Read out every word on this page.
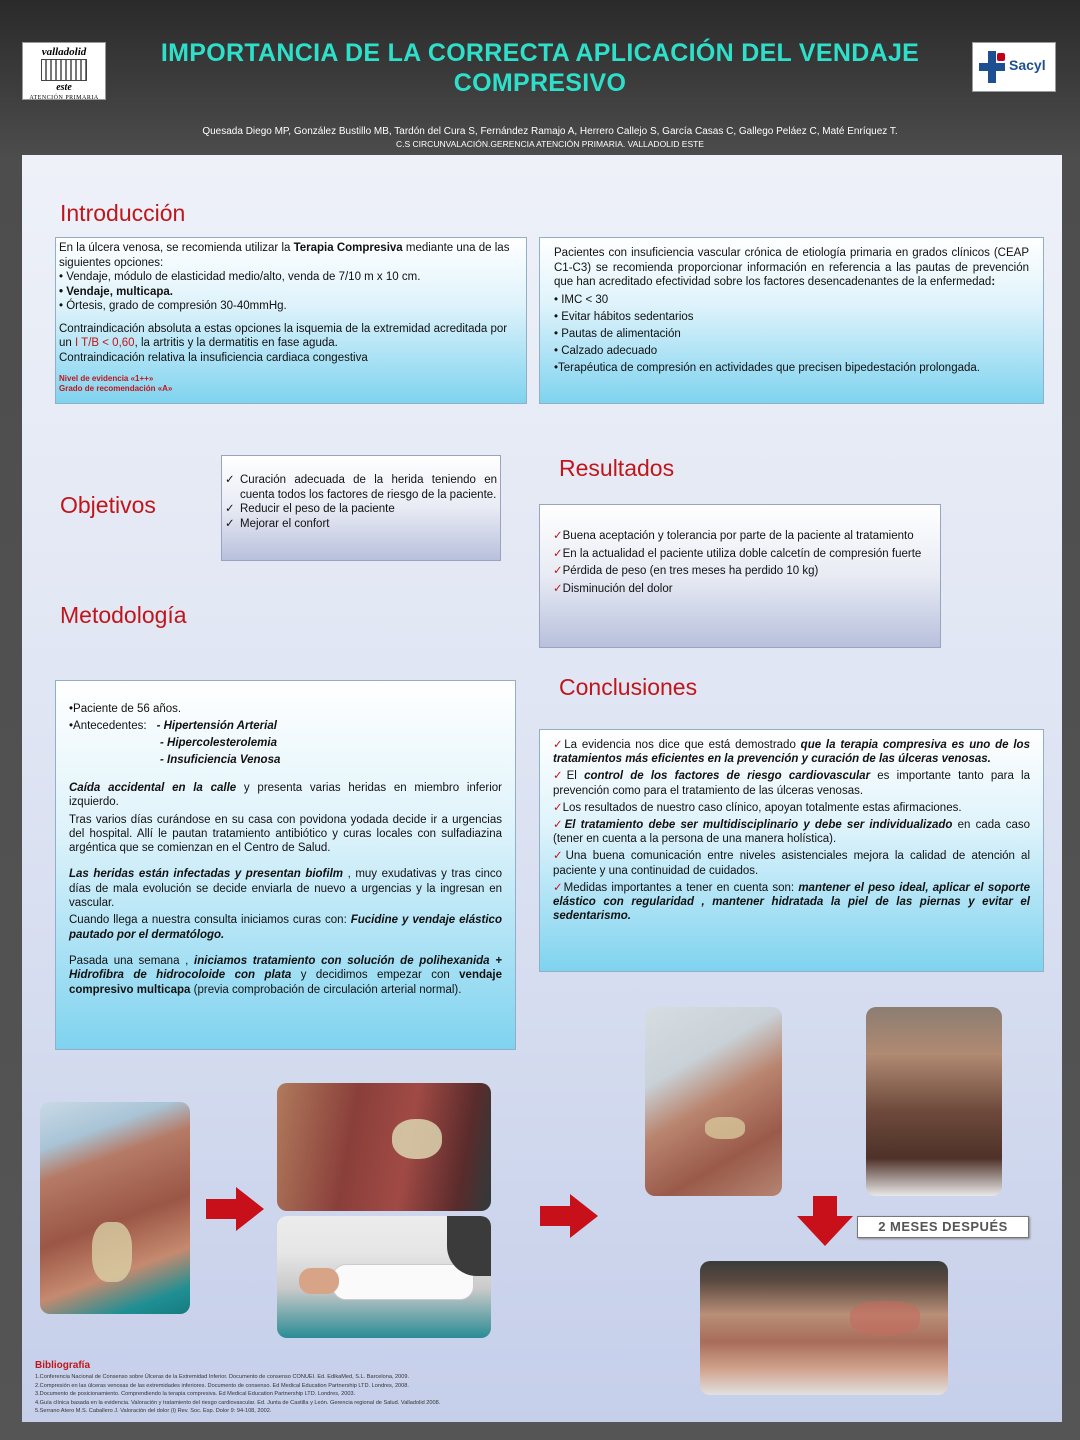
valladolid
este
ATENCIÓN PRIMARIA
IMPORTANCIA DE LA CORRECTA APLICACIÓN DEL VENDAJE COMPRESIVO
Sacyl
Quesada Diego MP, González Bustillo MB, Tardón del Cura S, Fernández Ramajo A, Herrero Callejo S, García Casas C, Gallego Peláez C, Maté Enríquez T.
C.S CIRCUNVALACIÓN.GERENCIA ATENCIÓN PRIMARIA. VALLADOLID ESTE
Introducción
En la úlcera venosa, se recomienda utilizar la Terapia Compresiva mediante una de las siguientes opciones:
• Vendaje, módulo de elasticidad medio/alto, venda de 7/10 m x 10 cm.
• Vendaje, multicapa.
• Órtesis, grado de compresión 30-40mmHg.
Contraindicación absoluta a estas opciones la isquemia de la extremidad acreditada por un I T/B < 0,60, la artritis y la dermatitis en fase aguda.
Contraindicación relativa la insuficiencia cardiaca congestiva
Nivel de evidencia «1++»
Grado de recomendación «A»
Pacientes con insuficiencia vascular crónica de etiología primaria en grados clínicos (CEAP C1-C3) se recomienda proporcionar información en referencia a las pautas de prevención que han acreditado efectividad sobre los factores desencadenantes de la enfermedad:
• IMC < 30
• Evitar hábitos sedentarios
• Pautas de alimentación
• Calzado adecuado
•Terapéutica de compresión en actividades que precisen bipedestación prolongada.
Objetivos
✓ Curación adecuada de la herida teniendo en cuenta todos los factores de riesgo de la paciente.
✓ Reducir el peso de la paciente
✓ Mejorar el confort
Metodología
•Paciente de 56 años.
•Antecedentes: - Hipertensión Arterial
- Hipercolesterolemia
- Insuficiencia Venosa
Caída accidental en la calle y presenta varias heridas en miembro inferior izquierdo.
Tras varios días curándose en su casa con povidona yodada decide ir a urgencias del hospital. Allí le pautan tratamiento antibiótico y curas locales con sulfadiazina argéntica que se comienzan en el Centro de Salud.
Las heridas están infectadas y presentan biofilm , muy exudativas y tras cinco días de mala evolución se decide enviarla de nuevo a urgencias y la ingresan en vascular.
Cuando llega a nuestra consulta iniciamos curas con: Fucidine y vendaje elástico pautado por el dermatólogo.
Pasada una semana , iniciamos tratamiento con solución de polihexanida + Hidrofibra de hidrocoloide con plata y decidimos empezar con vendaje compresivo multicapa (previa comprobación de circulación arterial normal).
Resultados
✓Buena aceptación y tolerancia por parte de la paciente al tratamiento
✓En la actualidad el paciente utiliza doble calcetín de compresión fuerte
✓Pérdida de peso (en tres meses ha perdido 10 kg)
✓Disminución del dolor
Conclusiones
✓La evidencia nos dice que está demostrado que la terapia compresiva es uno de los tratamientos más eficientes en la prevención y curación de las úlceras venosas.
✓El control de los factores de riesgo cardiovascular es importante tanto para la prevención como para el tratamiento de las úlceras venosas.
✓Los resultados de nuestro caso clínico, apoyan totalmente estas afirmaciones.
✓El tratamiento debe ser multidisciplinario y debe ser individualizado en cada caso (tener en cuenta a la persona de una manera holística).
✓Una buena comunicación entre niveles asistenciales mejora la calidad de atención al paciente y una continuidad de cuidados.
✓Medidas importantes a tener en cuenta son: mantener el peso ideal, aplicar el soporte elástico con regularidad , mantener hidratada la piel de las piernas y evitar el sedentarismo.
2 MESES DESPUÉS
Bibliografía
1.Conferencia Nacional de Consenso sobre Úlceras de la Extremidad Inferior. Documento de consenso CONUEI. Ed. EdikaMed, S.L. Barcelona, 2009.
2.Compresión en las úlceras venosas de las extremidades inferiores. Documento de consenso. Ed Medical Education Partnership LTD. Londres, 2008.
3.Documento de posicionamiento. Comprendiendo la terapia compresiva. Ed Medical Education Partnership LTD. Londres, 2003.
4.Guía clínica basada en la evidencia. Valoración y tratamiento del riesgo cardiovascular. Ed. Junta de Castilla y León. Gerencia regional de Salud. Valladolid 2008.
5.Serrano Atero M.S. Caballero J. Valoración del dolor (I) Rev. Soc. Esp. Dolor 9: 94-108, 2002.
